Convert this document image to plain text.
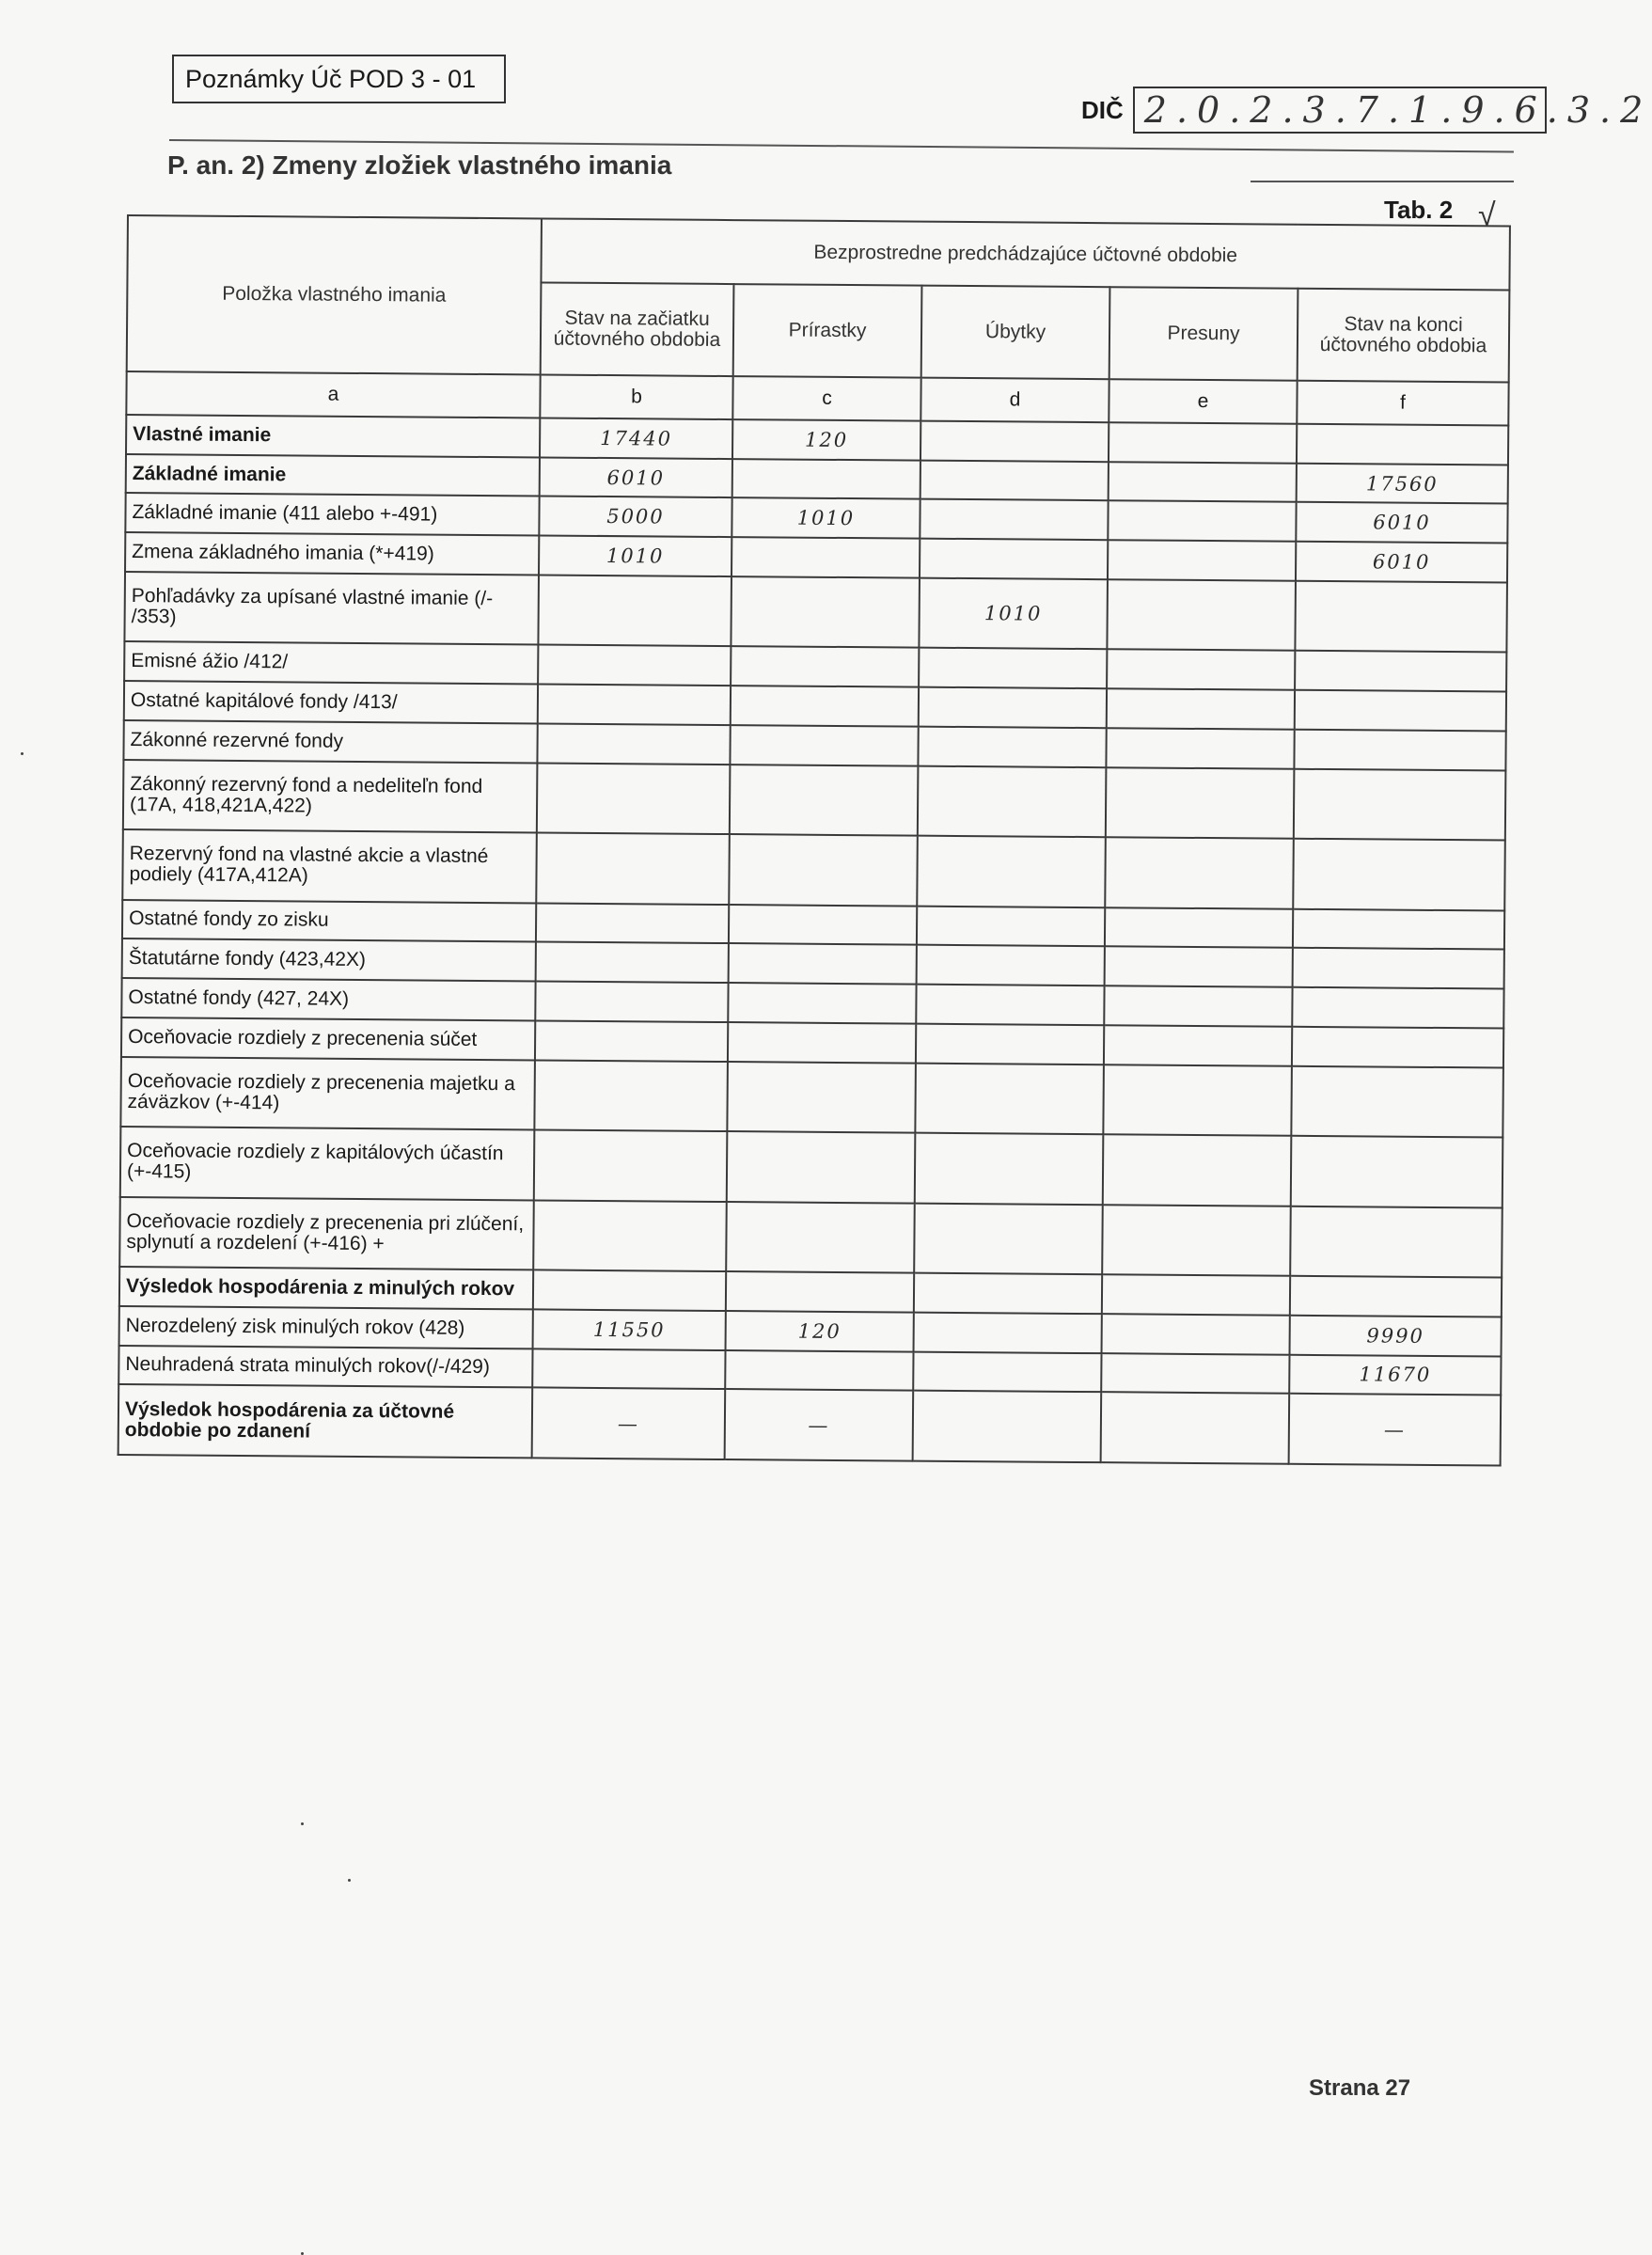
Poznámky Úč POD 3 - 01
DIČ 2.0.2.3.7.1.9.6.3.2
P. an. 2) Zmeny zložiek vlastného imania
Tab. 2 √
Položka vlastného imania	Bezprostredne predchádzajúce účtovné obdobie				
	Stav na začiatku účtovného obdobia	Prírastky	Úbytky	Presuny	Stav na konci účtovného obdobia
a	b	c	d	e	f
Vlastné imanie	17440	120			
Základné imanie	6010				17560
Základné imanie (411 alebo +-491)	5000	1010			6010
Zmena základného imania (*+419)	1010				6010
Pohľadávky za upísané vlastné imanie (/- /353)			1010		
Emisné ážio /412/					
Ostatné kapitálové fondy /413/					
Zákonné rezervné fondy					
Zákonný rezervný fond a nedeliteľn fond (17A, 418,421A,422)					
Rezervný fond na vlastné akcie a vlastné podiely (417A,412A)					
Ostatné fondy zo zisku					
Štatutárne fondy (423,42X)					
Ostatné fondy (427, 24X)					
Oceňovacie rozdiely z precenenia súčet					
Oceňovacie rozdiely z precenenia majetku a záväzkov (+-414)					
Oceňovacie rozdiely z kapitálových účastín (+-415)					
Oceňovacie rozdiely z precenenia pri zlúčení, splynutí a rozdelení (+-416) +					
Výsledok hospodárenia z minulých rokov					
Nerozdelený zisk minulých rokov (428)	11550	120			9990
Neuhradená strata minulých rokov(/-/429)					11670
Výsledok hospodárenia za účtovné obdobie po zdanení	—	—			—
Strana 27
